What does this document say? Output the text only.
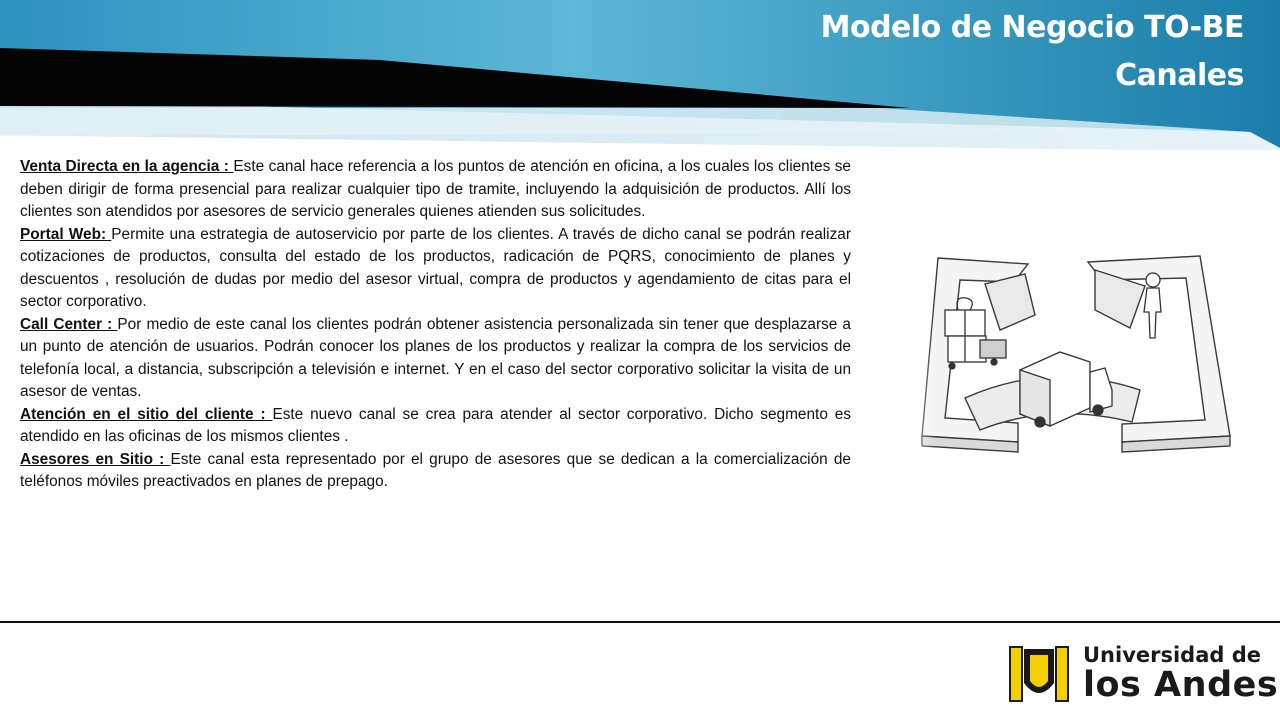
Modelo de Negocio TO-BE
Canales

Venta Directa en la agencia : Este canal hace referencia a los puntos de atención en oficina, a los cuales los clientes se deben dirigir de forma presencial para realizar cualquier tipo de tramite, incluyendo la adquisición de productos. Allí los clientes son atendidos por asesores de servicio generales quienes atienden sus solicitudes.

Portal Web: Permite una estrategia de autoservicio por parte de los clientes. A través de dicho canal se podrán realizar cotizaciones de productos, consulta del estado de los productos, radicación de PQRS, conocimiento de planes y descuentos , resolución de dudas por medio del asesor virtual, compra de productos y agendamiento de citas para el sector corporativo.

Call Center : Por medio de este canal los clientes podrán obtener asistencia personalizada sin tener que desplazarse a un punto de atención de usuarios. Podrán conocer los planes de los productos y realizar la compra de los servicios de telefonía local, a distancia, subscripción a televisión e internet. Y en el caso del sector corporativo solicitar la visita de un asesor de ventas.

Atención en el sitio del cliente : Este nuevo canal se crea para atender al sector corporativo. Dicho segmento es atendido en las oficinas de los mismos clientes .

Asesores en Sitio : Este canal esta representado por el grupo de asesores que se dedican a la comercialización de teléfonos móviles preactivados en planes de prepago.

Universidad de
los Andes
